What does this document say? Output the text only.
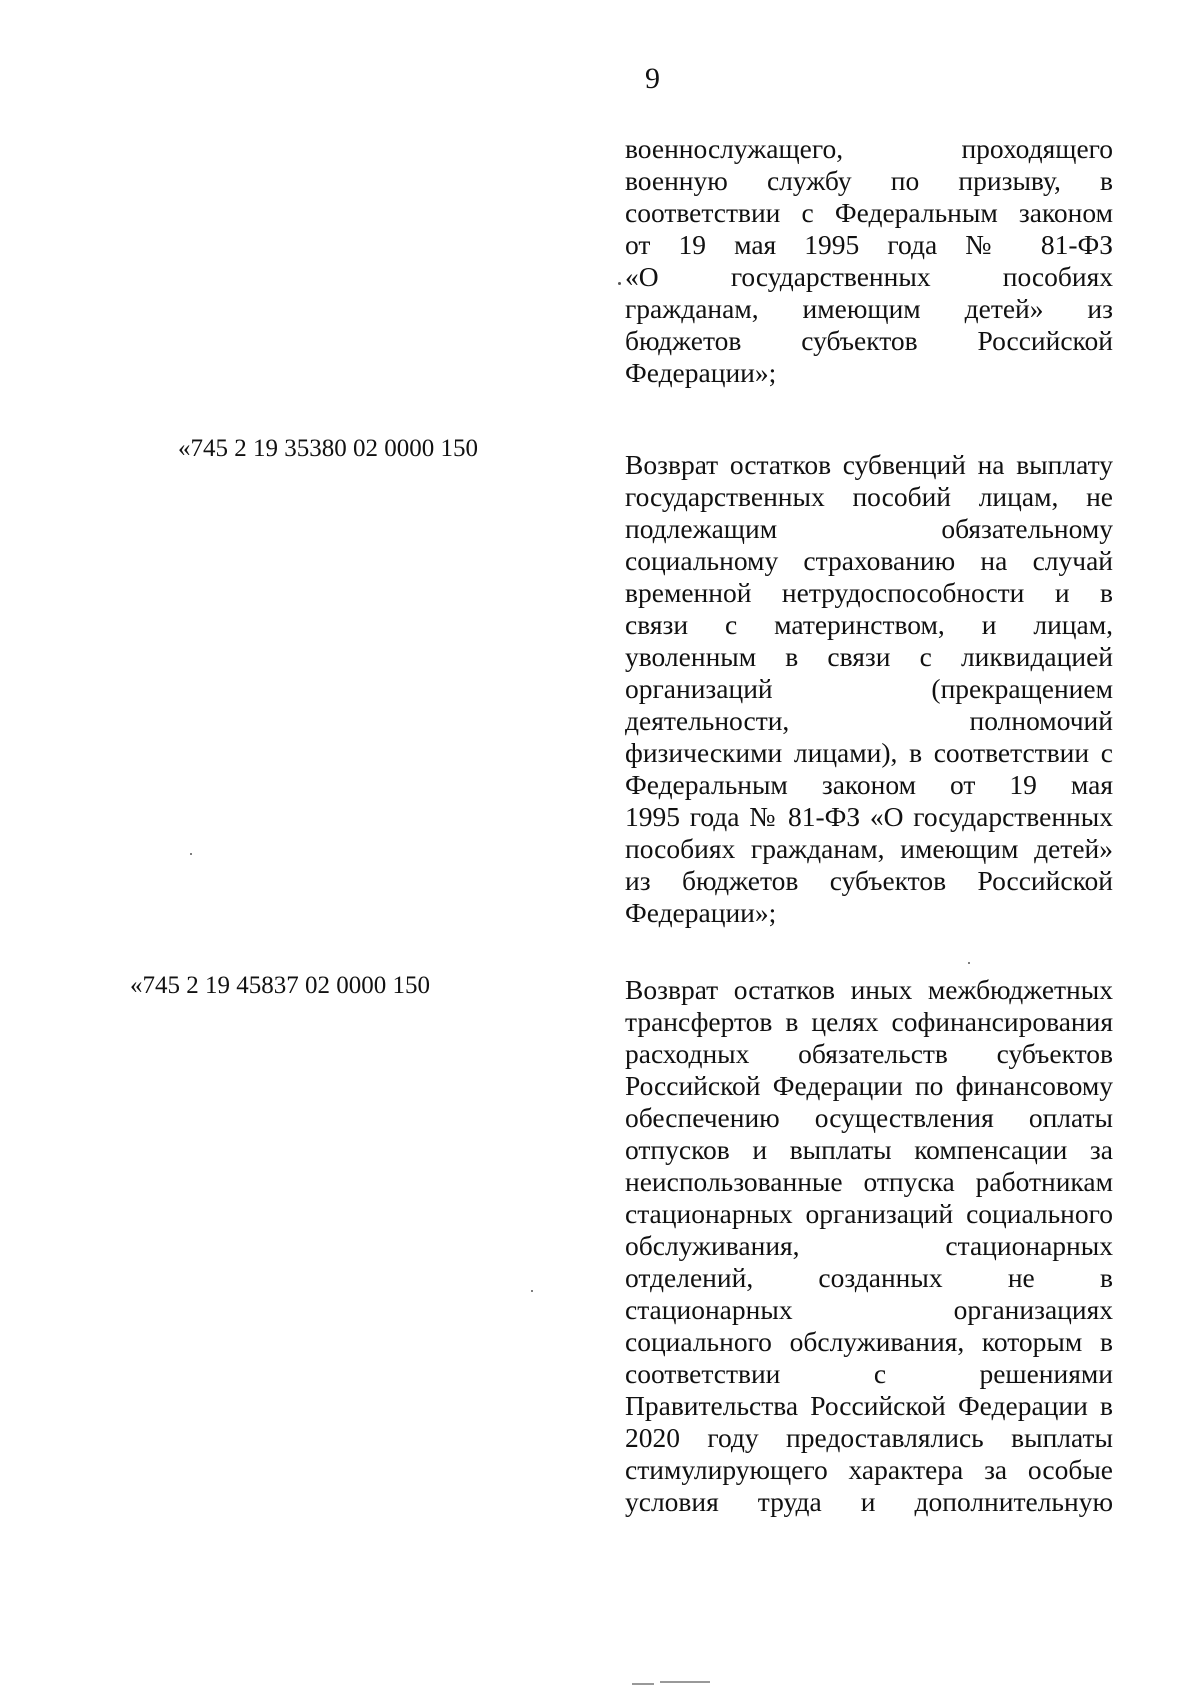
9
военнослужащего, проходящего
военную службу по призыву, в
соответствии с Федеральным законом
от 19 мая 1995 года № 81-ФЗ
«О государственных пособиях
гражданам, имеющим детей» из
бюджетов субъектов Российской
Федерации»;
«745 2 19 35380 02 0000 150
Возврат остатков субвенций на выплату
государственных пособий лицам, не
подлежащим обязательному
социальному страхованию на случай
временной нетрудоспособности и в
связи с материнством, и лицам,
уволенным в связи с ликвидацией
организаций (прекращением
деятельности, полномочий
физическими лицами), в соответствии с
Федеральным законом от 19 мая
1995 года № 81-ФЗ «О государственных
пособиях гражданам, имеющим детей»
из бюджетов субъектов Российской
Федерации»;
«745 2 19 45837 02 0000 150	Возврат остатков иных межбюджетных
трансфертов в целях софинансирования
расходных обязательств субъектов
Российской Федерации по финансовому
обеспечению осуществления оплаты
отпусков и выплаты компенсации за
неиспользованные отпуска работникам
стационарных организаций социального
обслуживания, стационарных
отделений, созданных не в
стационарных организациях
социального обслуживания, которым в
соответствии с решениями
Правительства Российской Федерации в
2020 году предоставлялись выплаты
стимулирующего характера за особые
условия труда и дополнительную
